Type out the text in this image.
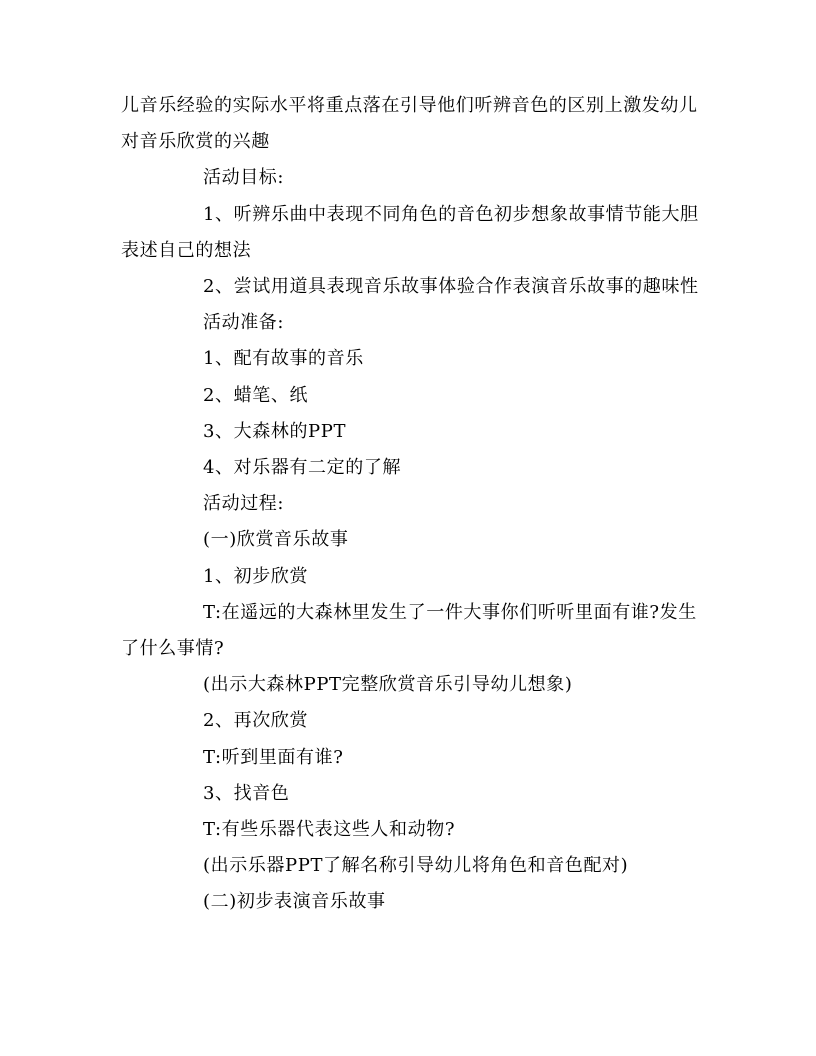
儿音乐经验的实际水平将重点落在引导他们听辨音色的区别上激发幼儿对音乐欣赏的兴趣

活动目标:

1、听辨乐曲中表现不同角色的音色初步想象故事情节能大胆表述自己的想法

2、尝试用道具表现音乐故事体验合作表演音乐故事的趣味性

活动准备:

1、配有故事的音乐

2、蜡笔、纸

3、大森林的PPT

4、对乐器有二定的了解

活动过程:

(一)欣赏音乐故事

1、初步欣赏

T:在遥远的大森林里发生了一件大事你们听听里面有谁?发生了什么事情?

(出示大森林PPT完整欣赏音乐引导幼儿想象)

2、再次欣赏

T:听到里面有谁?

3、找音色

T:有些乐器代表这些人和动物?

(出示乐器PPT了解名称引导幼儿将角色和音色配对)

(二)初步表演音乐故事
